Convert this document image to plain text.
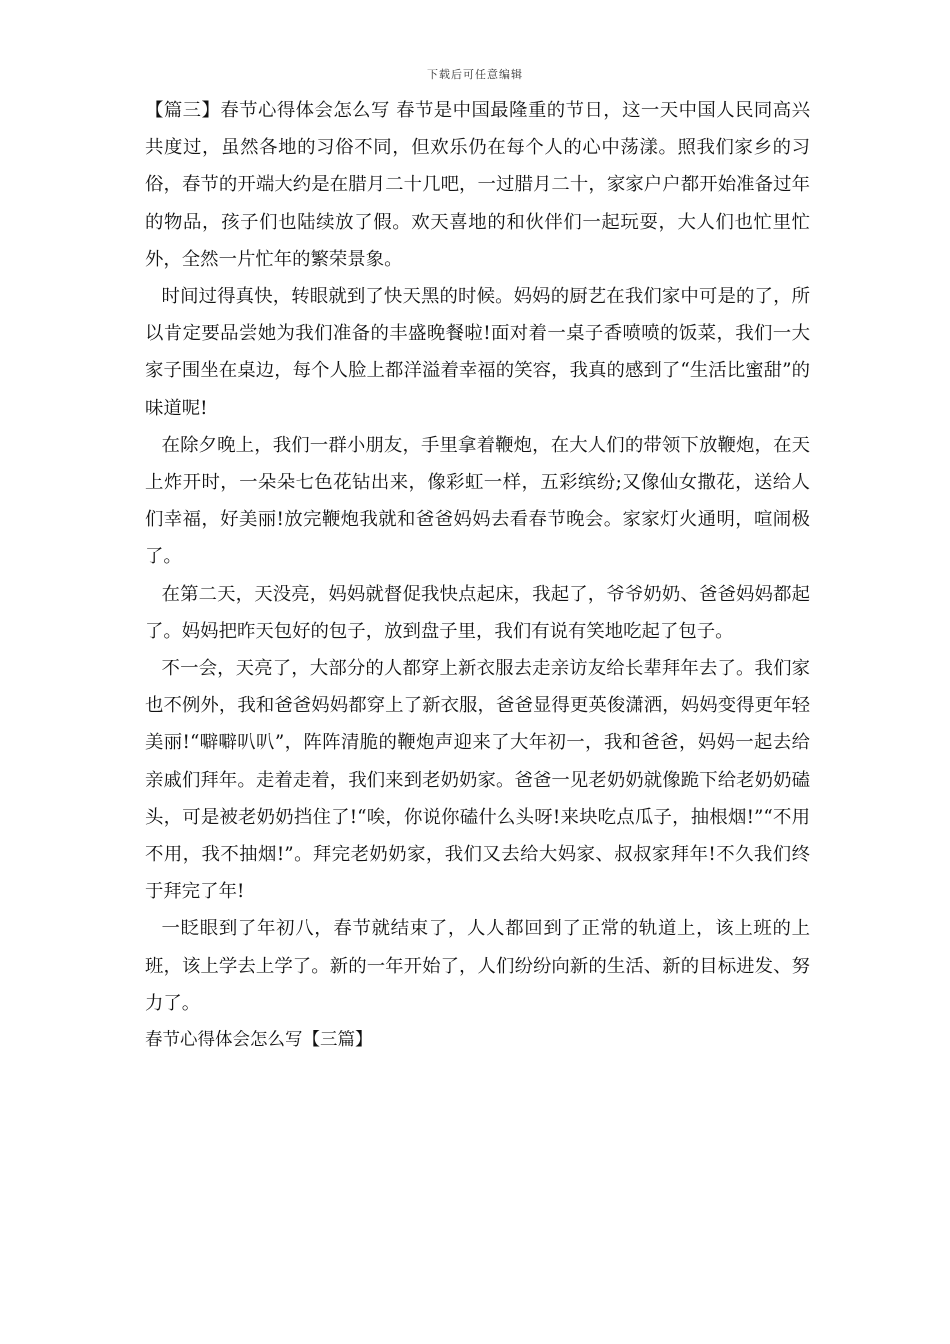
下载后可任意编辑

【篇三】春节心得体会怎么写 春节是中国最隆重的节日，这一天中国人民同高兴共度过，虽然各地的习俗不同，但欢乐仍在每个人的心中荡漾。照我们家乡的习俗，春节的开端大约是在腊月二十几吧，一过腊月二十，家家户户都开始准备过年的物品，孩子们也陆续放了假。欢天喜地的和伙伴们一起玩耍，大人们也忙里忙外，全然一片忙年的繁荣景象。

时间过得真快，转眼就到了快天黑的时候。妈妈的厨艺在我们家中可是的了，所以肯定要品尝她为我们准备的丰盛晚餐啦!面对着一桌子香喷喷的饭菜，我们一大家子围坐在桌边，每个人脸上都洋溢着幸福的笑容，我真的感到了“生活比蜜甜”的味道呢!

在除夕晚上，我们一群小朋友，手里拿着鞭炮，在大人们的带领下放鞭炮，在天上炸开时，一朵朵七色花钻出来，像彩虹一样，五彩缤纷;又像仙女撒花，送给人们幸福，好美丽!放完鞭炮我就和爸爸妈妈去看春节晚会。家家灯火通明，喧闹极了。

在第二天，天没亮，妈妈就督促我快点起床，我起了，爷爷奶奶、爸爸妈妈都起了。妈妈把昨天包好的包子，放到盘子里，我们有说有笑地吃起了包子。

不一会，天亮了，大部分的人都穿上新衣服去走亲访友给长辈拜年去了。我们家也不例外，我和爸爸妈妈都穿上了新衣服，爸爸显得更英俊潇洒，妈妈变得更年轻美丽!“噼噼叭叭”，阵阵清脆的鞭炮声迎来了大年初一，我和爸爸，妈妈一起去给亲戚们拜年。走着走着，我们来到老奶奶家。爸爸一见老奶奶就像跪下给老奶奶磕头，可是被老奶奶挡住了!“唉，你说你磕什么头呀!来块吃点瓜子，抽根烟!”“不用不用，我不抽烟!”。拜完老奶奶家，我们又去给大妈家、叔叔家拜年!不久我们终于拜完了年!

一眨眼到了年初八，春节就结束了，人人都回到了正常的轨道上，该上班的上班，该上学去上学了。新的一年开始了，人们纷纷向新的生活、新的目标进发、努力了。

春节心得体会怎么写【三篇】
